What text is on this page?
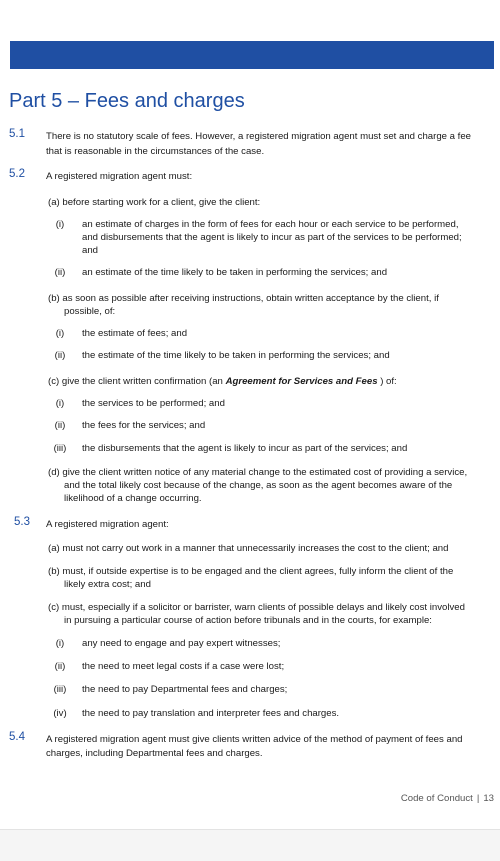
Part 5 – Fees and charges
5.1 There is no statutory scale of fees. However, a registered migration agent must set and charge a fee
that is reasonable in the circumstances of the case.
5.2 A registered migration agent must:
(a) before starting work for a client, give the client:
(i)	an estimate of charges in the form of fees for each hour or each service to be performed,
and disbursements that the agent is likely to incur as part of the services to be performed;
and
(ii)	an estimate of the time likely to be taken in performing the services; and
(b) as soon as possible after receiving instructions, obtain written acceptance by the client, if
possible, of:
(i)	the estimate of fees; and
(ii)	the estimate of the time likely to be taken in performing the services; and
(c) give the client written confirmation (an Agreement for Services and Fees ) of:
(i)	the services to be performed; and
(ii)	the fees for the services; and
(iii)	the disbursements that the agent is likely to incur as part of the services; and
(d) give the client written notice of any material change to the estimated cost of providing a service,
and the total likely cost because of the change, as soon as the agent becomes aware of the
likelihood of a change occurring.
5.3 A registered migration agent:
(a) must not carry out work in a manner that unnecessarily increases the cost to the client; and
(b) must, if outside expertise is to be engaged and the client agrees, fully inform the client of the
likely extra cost; and
(c) must, especially if a solicitor or barrister, warn clients of possible delays and likely cost involved
in pursuing a particular course of action before tribunals and in the courts, for example:
(i)	any need to engage and pay expert witnesses;
(ii)	the need to meet legal costs if a case were lost;
(iii)	the need to pay Departmental fees and charges;
(iv)	the need to pay translation and interpreter fees and charges.
5.4 A registered migration agent must give clients written advice of the method of payment of fees and
charges, including Departmental fees and charges.
Code of Conduct | 13
